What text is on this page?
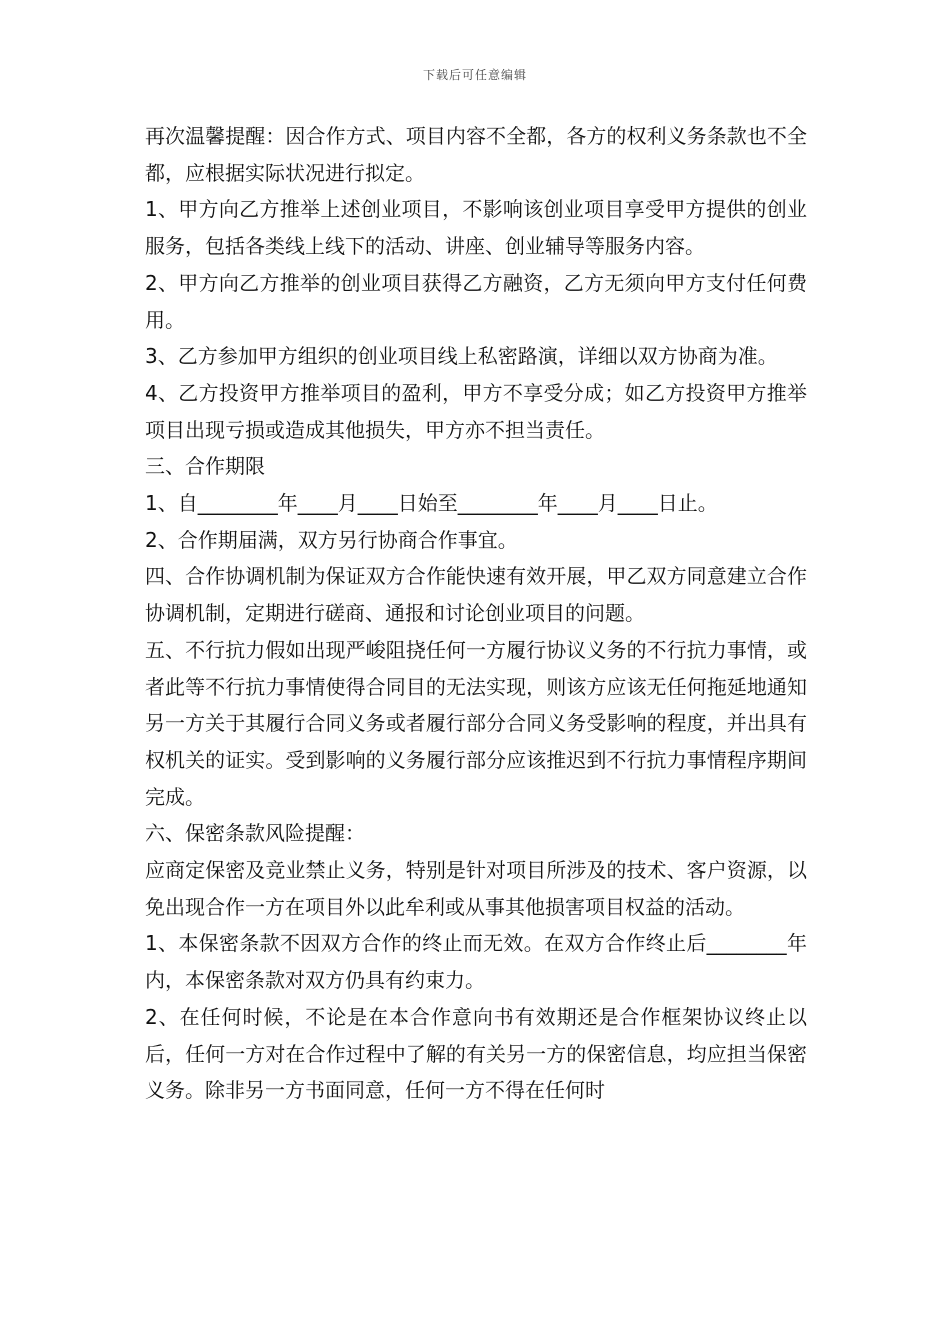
下载后可任意编辑

再次温馨提醒：因合作方式、项目内容不全都，各方的权利义务条款也不全都，应根据实际状况进行拟定。

1、甲方向乙方推举上述创业项目，不影响该创业项目享受甲方提供的创业服务，包括各类线上线下的活动、讲座、创业辅导等服务内容。

2、甲方向乙方推举的创业项目获得乙方融资，乙方无须向甲方支付任何费用。

3、乙方参加甲方组织的创业项目线上私密路演，详细以双方协商为准。

4、乙方投资甲方推举项目的盈利，甲方不享受分成；如乙方投资甲方推举项目出现亏损或造成其他损失，甲方亦不担当责任。

三、合作期限

1、自________年____月____日始至________年____月____日止。

2、合作期届满，双方另行协商合作事宜。

四、合作协调机制为保证双方合作能快速有效开展，甲乙双方同意建立合作协调机制，定期进行磋商、通报和讨论创业项目的问题。

五、不行抗力假如出现严峻阻挠任何一方履行协议义务的不行抗力事情，或者此等不行抗力事情使得合同目的无法实现，则该方应该无任何拖延地通知另一方关于其履行合同义务或者履行部分合同义务受影响的程度，并出具有权机关的证实。受到影响的义务履行部分应该推迟到不行抗力事情程序期间完成。

六、保密条款风险提醒：

应商定保密及竞业禁止义务，特别是针对项目所涉及的技术、客户资源，以免出现合作一方在项目外以此牟利或从事其他损害项目权益的活动。

1、本保密条款不因双方合作的终止而无效。在双方合作终止后________年内，本保密条款对双方仍具有约束力。

2、在任何时候，不论是在本合作意向书有效期还是合作框架协议终止以后，任何一方对在合作过程中了解的有关另一方的保密信息，均应担当保密义务。除非另一方书面同意，任何一方不得在任何时
